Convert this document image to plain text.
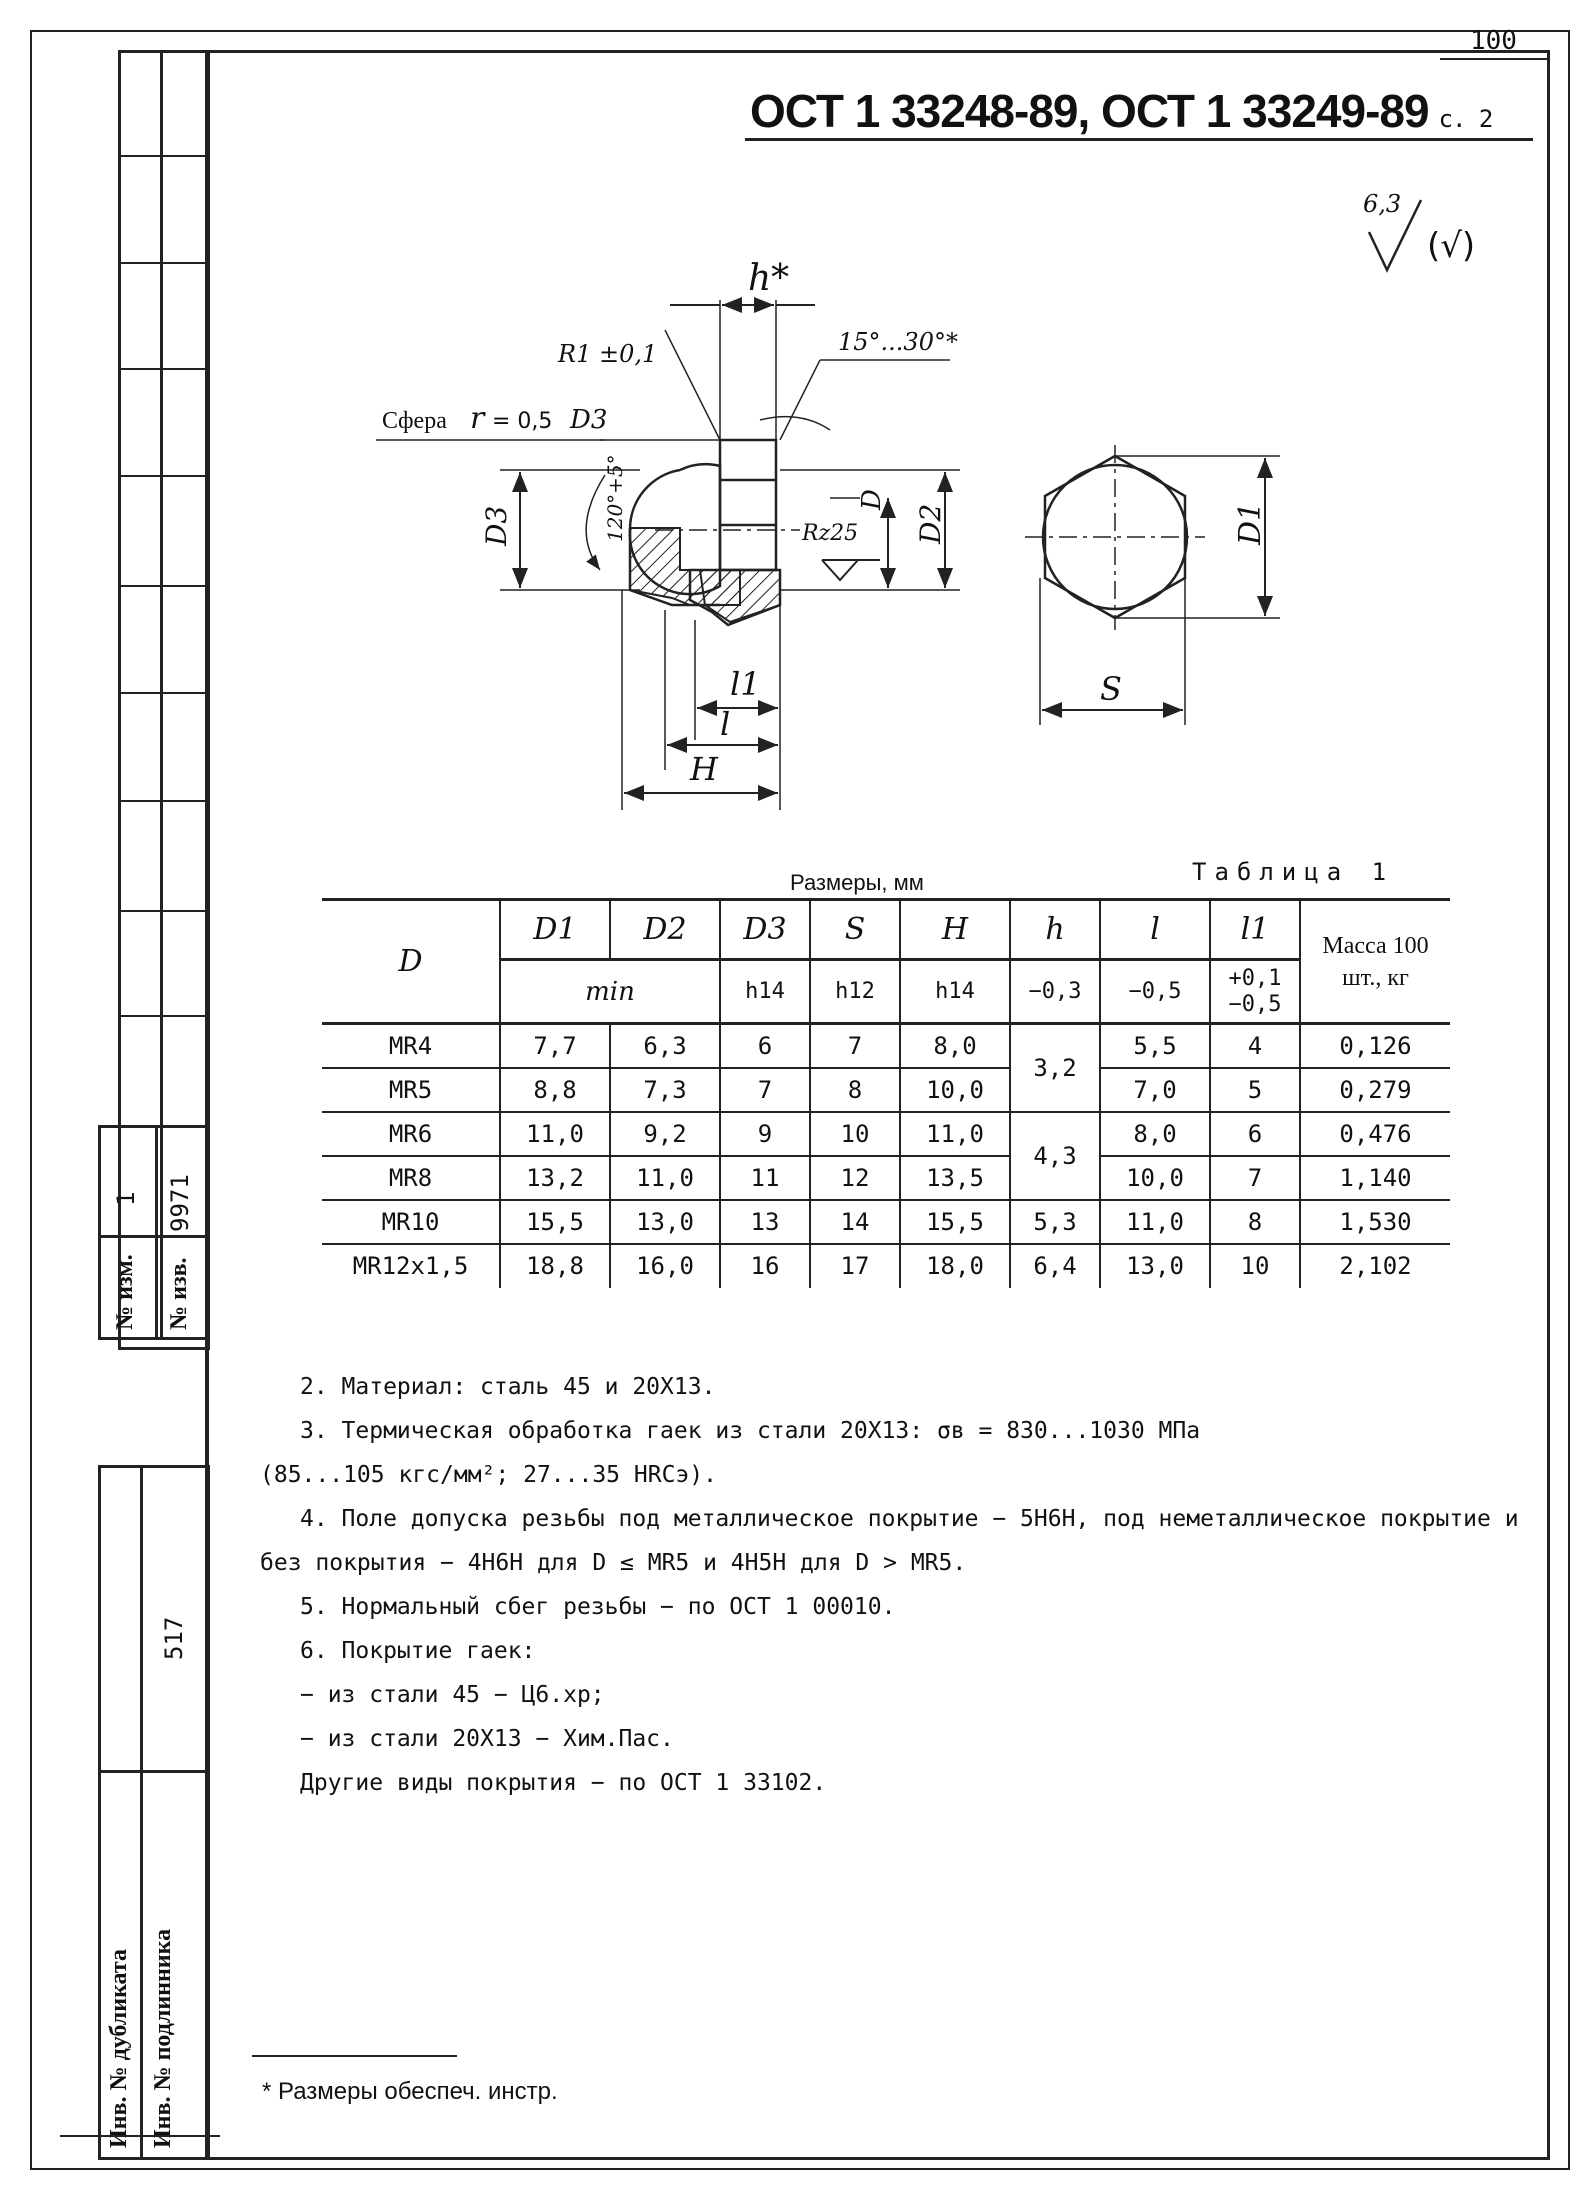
100
ОСТ 1 33248-89, ОСТ 1 33249-89 с. 2
6,3
(√)
1 9971
№ изм. № изв.
517
Инв. № дубликата Инв. № подлинника
h*
R1 ±0,1	15°...30°*
D3	120°+5°	D
Rz25 D2
l1
l
H
D1
S
Сфера r = 0,5 D3
Размеры, мм	Таблица 1
D	D1	D2	D3	S	H	h	l	l1	Масса 100 шт., кг
	min		h14	h12	h14	−0,3	−0,5	+0,1 −0,5	
MR4	7,7	6,3	6	7	8,0	3,2	5,5	4	0,126
MR5	8,8	7,3	7	8	10,0		7,0	5	0,279
MR6	11,0	9,2	9	10	11,0	4,3	8,0	6	0,476
MR8	13,2	11,0	11	12	13,5		10,0	7	1,140
MR10	15,5	13,0	13	14	15,5	5,3	11,0	8	1,530
MR12x1,5	18,8	16,0	16	17	18,0	6,4	13,0	10	2,102

2. Материал: сталь 45 и 20Х13.

3. Термическая обработка гаек из стали 20Х13: σв = 830...1030 МПа

(85...105 кгс/мм²; 27...35 HRCэ).

4. Поле допуска резьбы под металлическое покрытие − 5Н6Н, под неметаллическое покрытие и без покрытия − 4Н6Н для D ≤ MR5 и 4H5H для D > MR5.

5. Нормальный сбег резьбы − по ОСТ 1 00010.

6. Покрытие гаек:

− из стали 45 − Ц6.хр;

− из стали 20Х13 − Хим.Пас.

Другие виды покрытия − по ОСТ 1 33102.

* Размеры обеспеч. инстр.
